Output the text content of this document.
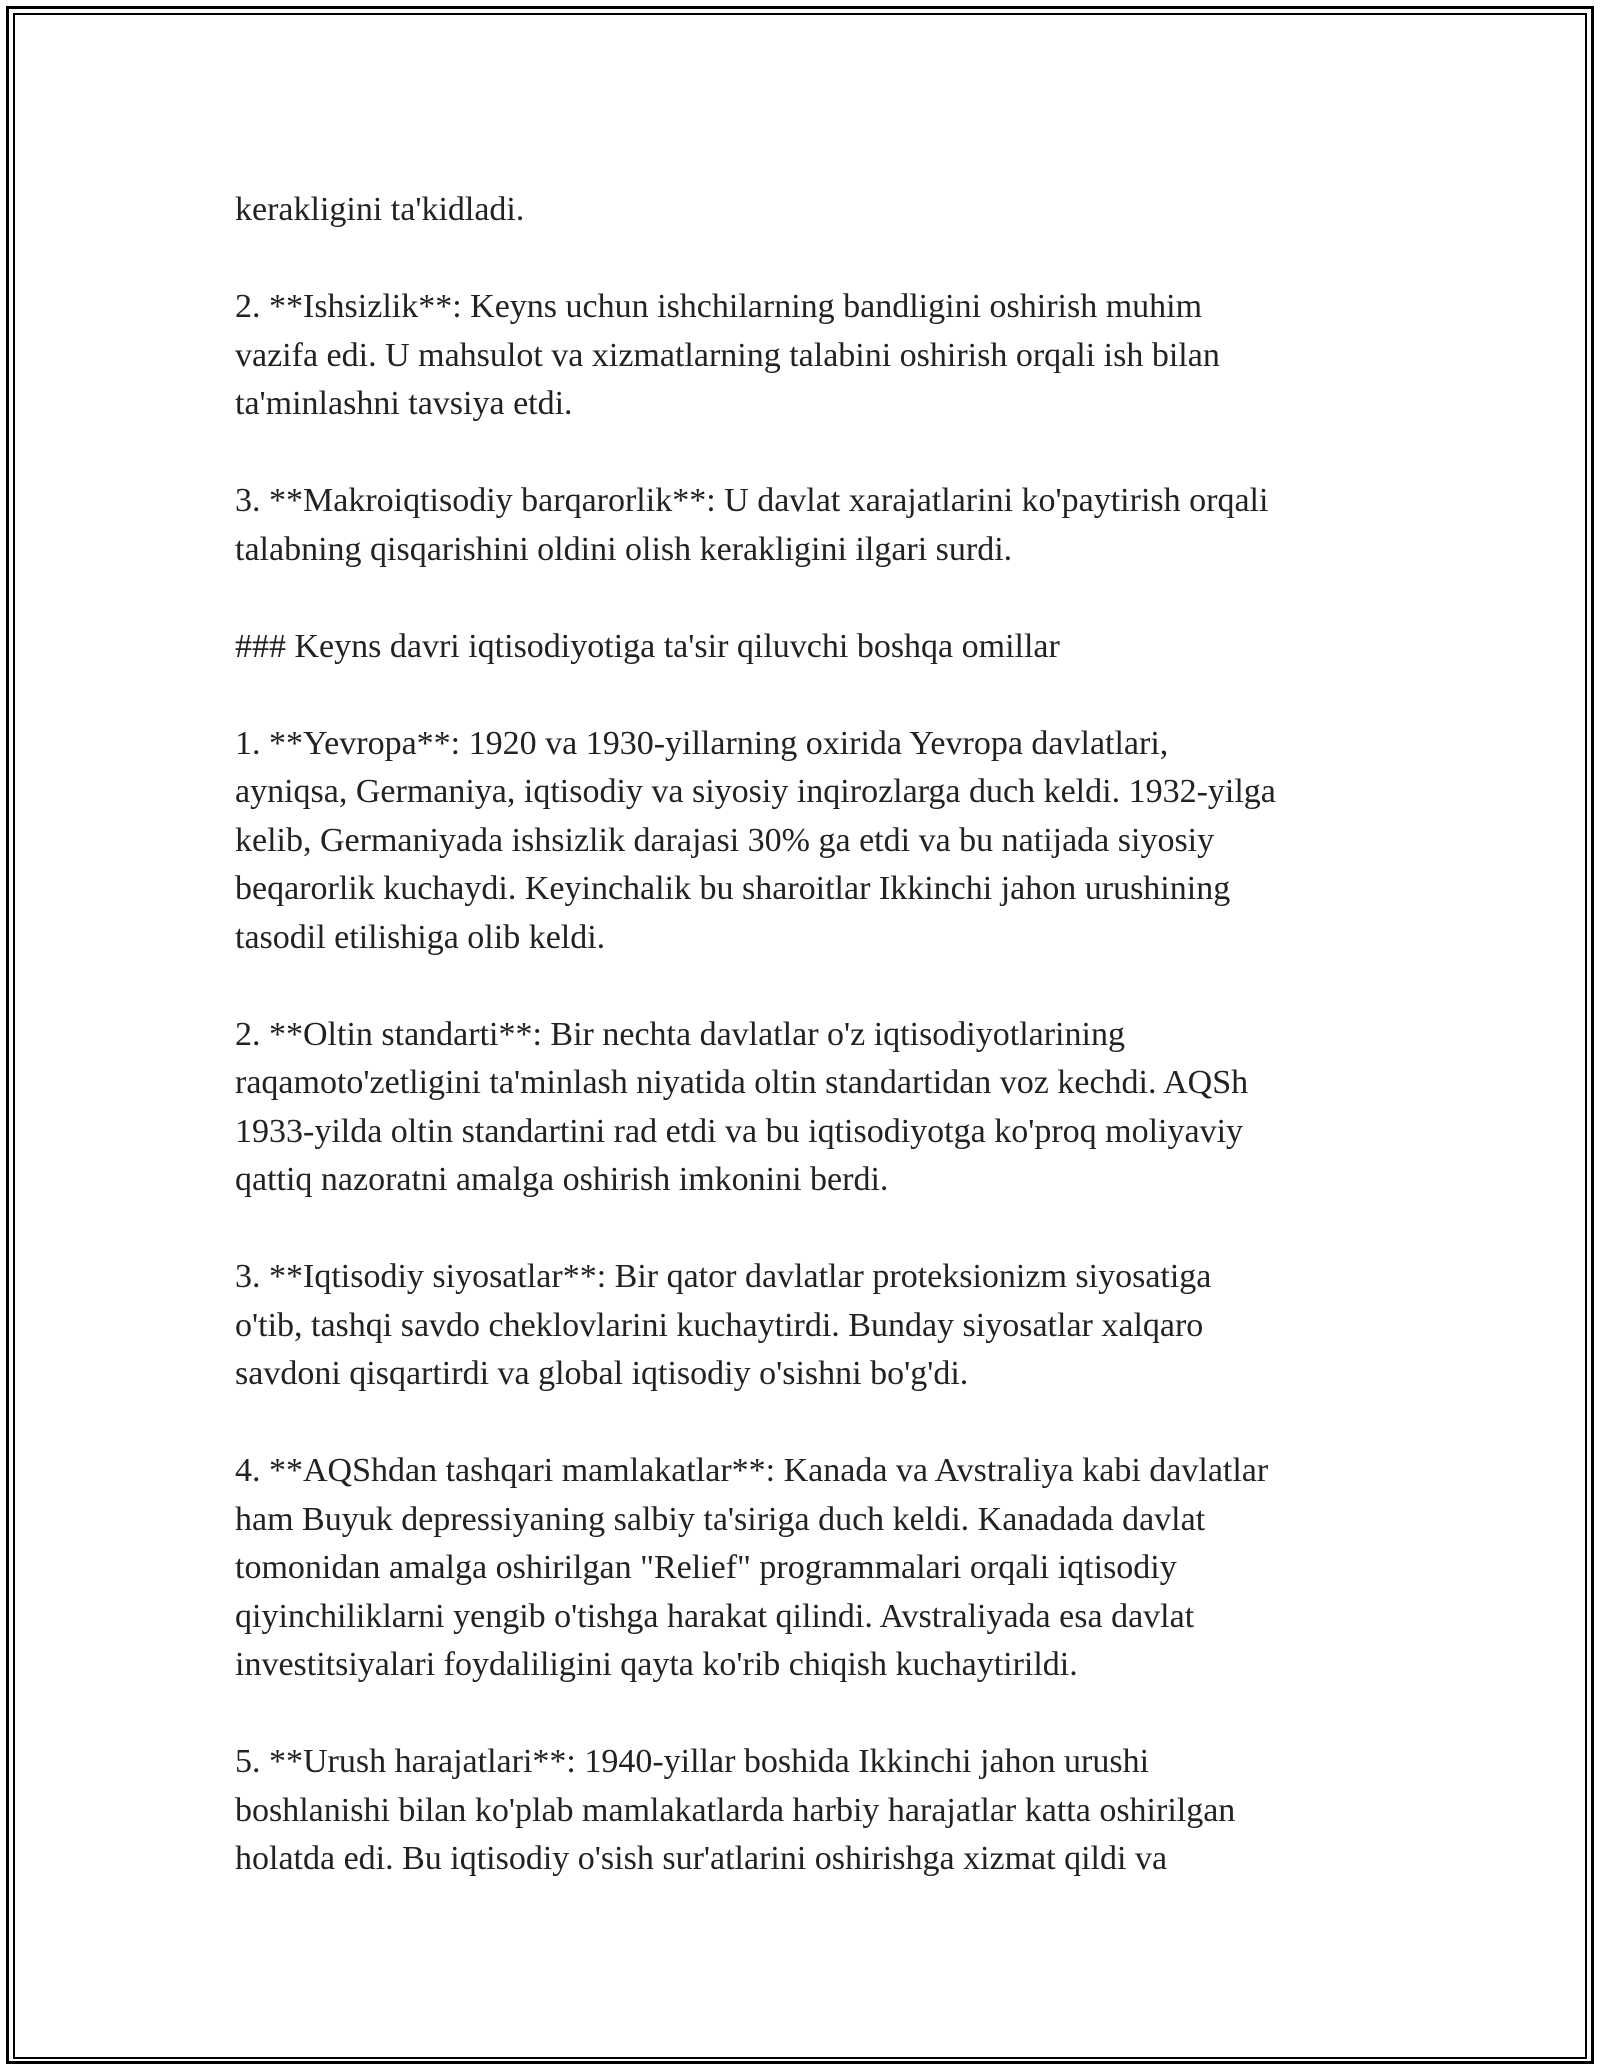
kerakligini ta'kidladi.

2. **Ishsizlik**: Keyns uchun ishchilarning bandligini oshirish muhim
vazifa edi. U mahsulot va xizmatlarning talabini oshirish orqali ish bilan
ta'minlashni tavsiya etdi.

3. **Makroiqtisodiy barqarorlik**: U davlat xarajatlarini ko'paytirish orqali
talabning qisqarishini oldini olish kerakligini ilgari surdi.

### Keyns davri iqtisodiyotiga ta'sir qiluvchi boshqa omillar

1. **Yevropa**: 1920 va 1930-yillarning oxirida Yevropa davlatlari,
ayniqsa, Germaniya, iqtisodiy va siyosiy inqirozlarga duch keldi. 1932-yilga
kelib, Germaniyada ishsizlik darajasi 30% ga etdi va bu natijada siyosiy
beqarorlik kuchaydi. Keyinchalik bu sharoitlar Ikkinchi jahon urushining
tasodil etilishiga olib keldi.

2. **Oltin standarti**: Bir nechta davlatlar o'z iqtisodiyotlarining
raqamoto'zetligini ta'minlash niyatida oltin standartidan voz kechdi. AQSh
1933-yilda oltin standartini rad etdi va bu iqtisodiyotga ko'proq moliyaviy
qattiq nazoratni amalga oshirish imkonini berdi.

3. **Iqtisodiy siyosatlar**: Bir qator davlatlar proteksionizm siyosatiga
o'tib, tashqi savdo cheklovlarini kuchaytirdi. Bunday siyosatlar xalqaro
savdoni qisqartirdi va global iqtisodiy o'sishni bo'g'di.

4. **AQShdan tashqari mamlakatlar**: Kanada va Avstraliya kabi davlatlar
ham Buyuk depressiyaning salbiy ta'siriga duch keldi. Kanadada davlat
tomonidan amalga oshirilgan "Relief" programmalari orqali iqtisodiy
qiyinchiliklarni yengib o'tishga harakat qilindi. Avstraliyada esa davlat
investitsiyalari foydaliligini qayta ko'rib chiqish kuchaytirildi.

5. **Urush harajatlari**: 1940-yillar boshida Ikkinchi jahon urushi
boshlanishi bilan ko'plab mamlakatlarda harbiy harajatlar katta oshirilgan
holatda edi. Bu iqtisodiy o'sish sur'atlarini oshirishga xizmat qildi va
